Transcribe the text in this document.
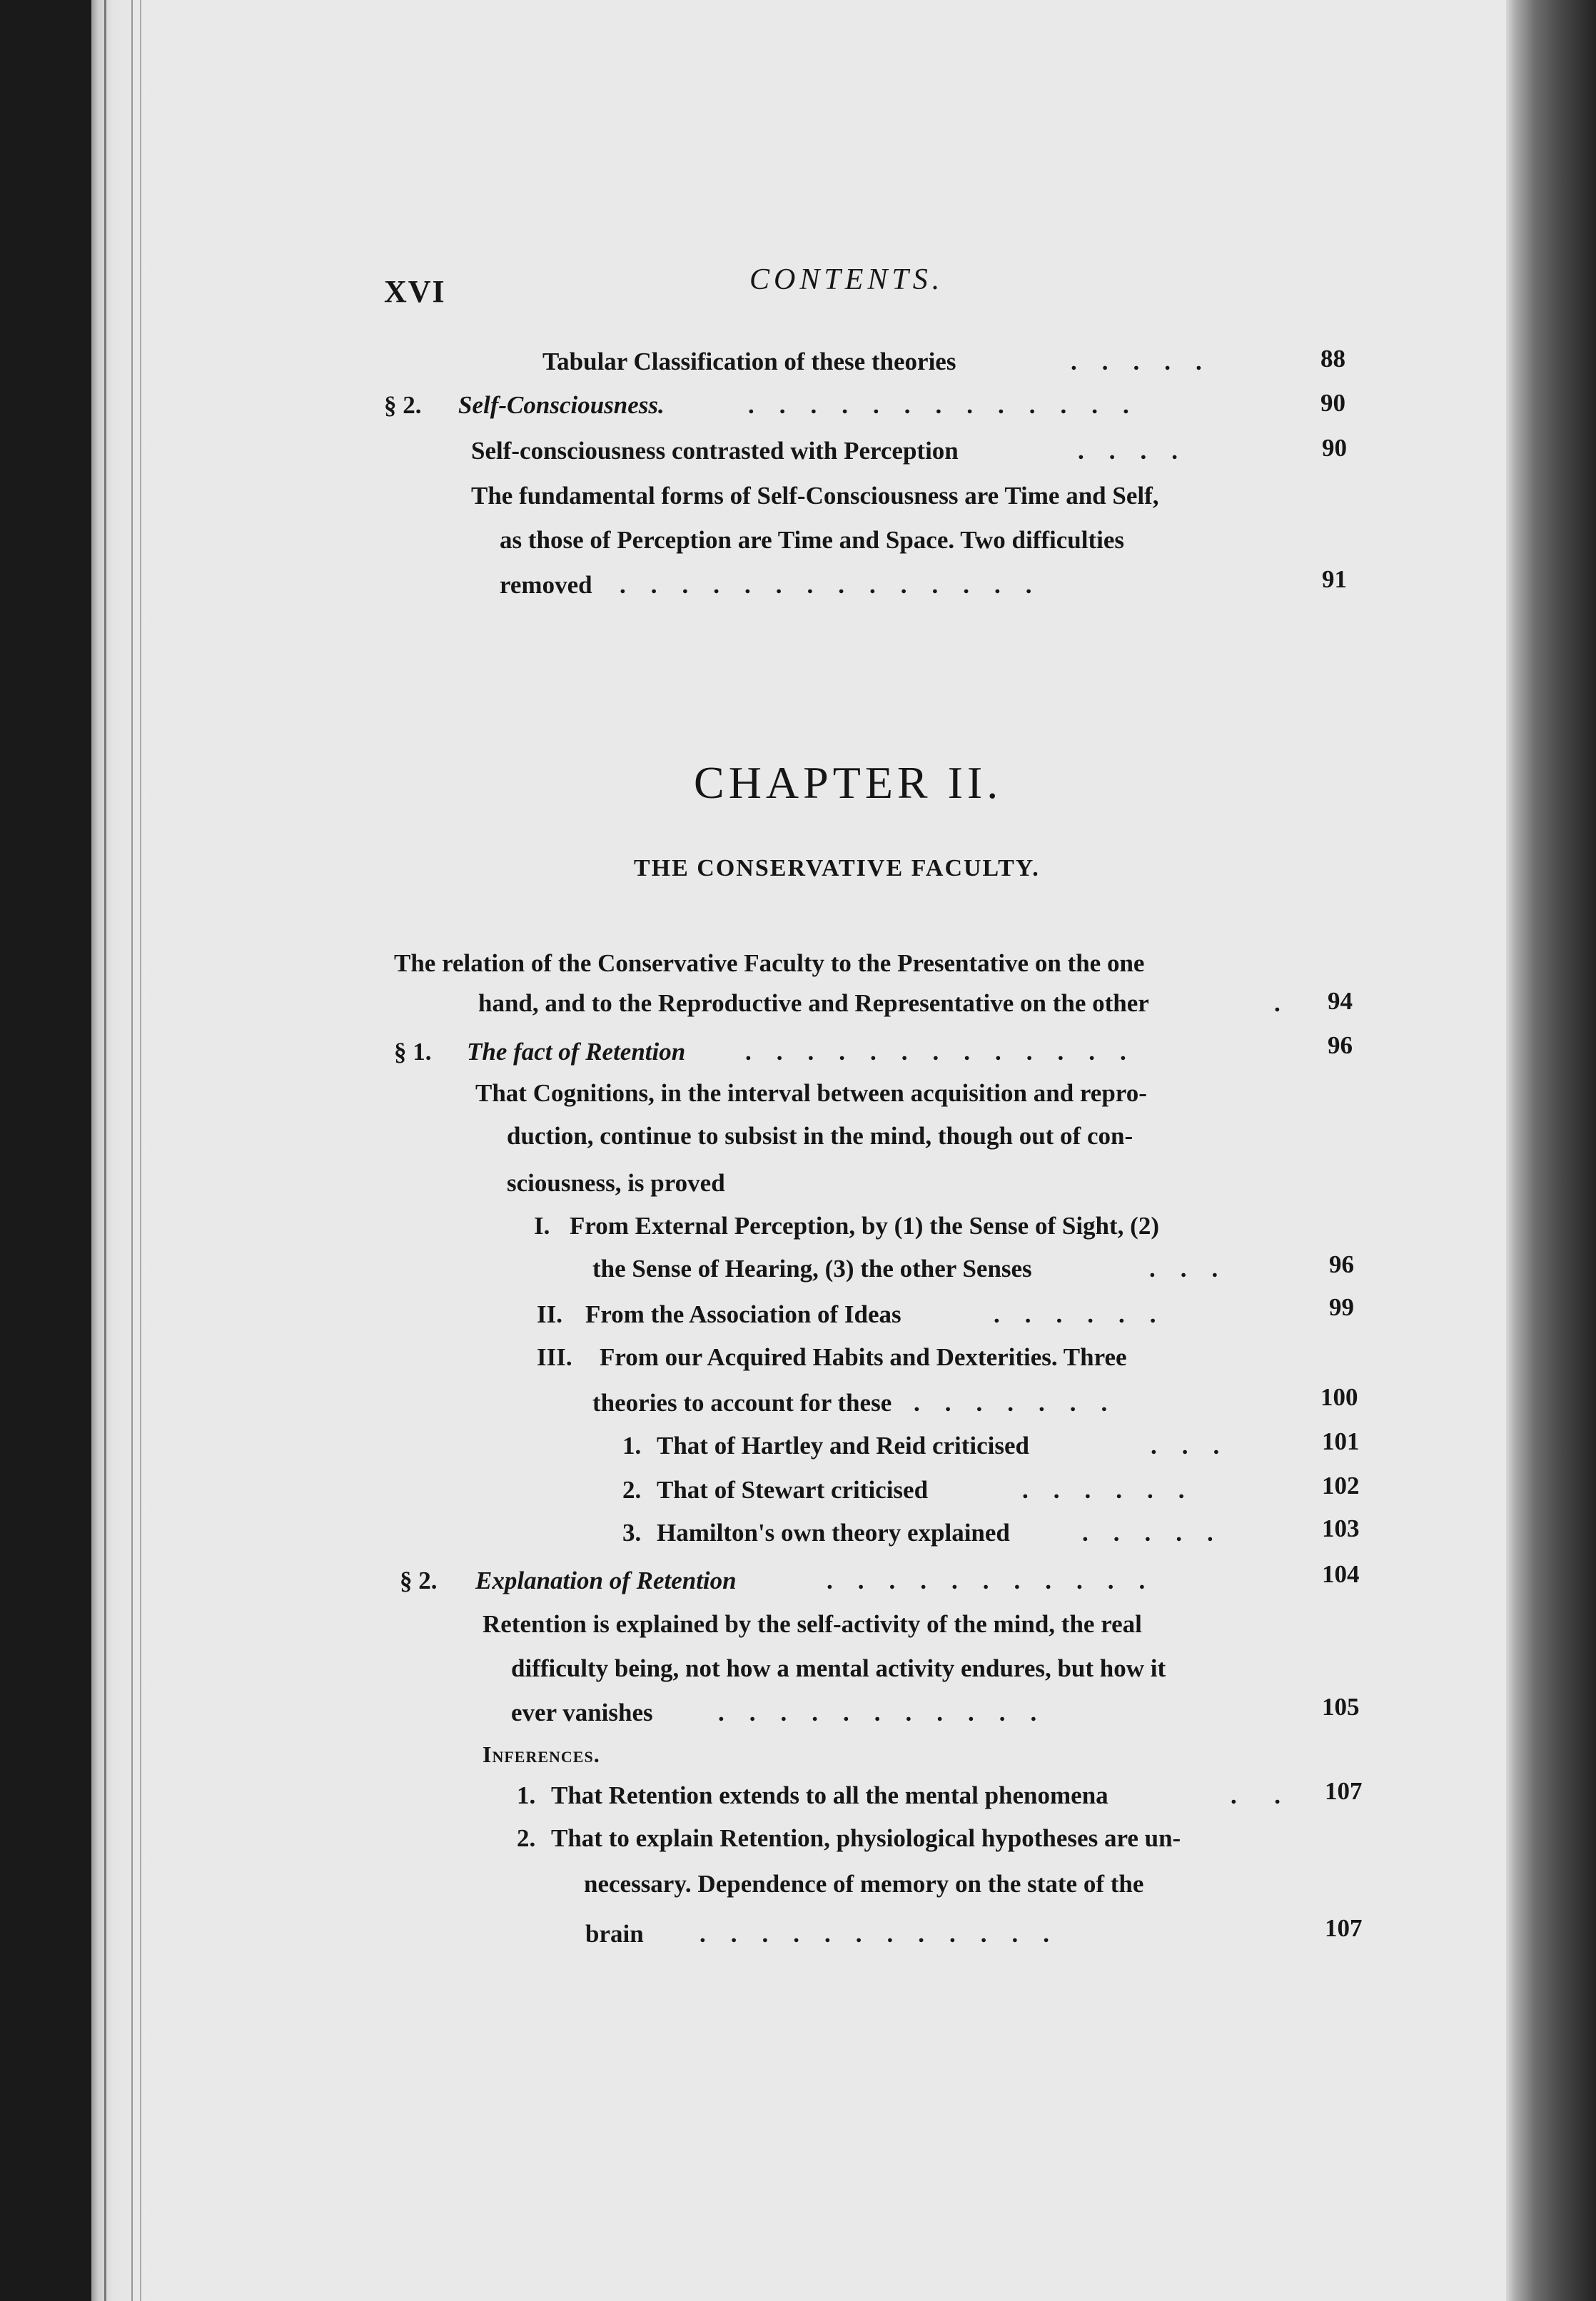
XVI	CONTENTS.
Tabular Classification of these theories	.    .    .    .    .	88
§ 2. Self-Consciousness.	.    .    .    .    .    .    .    .    .    .    .    .    .	90
Self-consciousness contrasted with Perception	.    .    .    .	90
The fundamental forms of Self-Consciousness are Time and Self,
as those of Perception are Time and Space. Two difficulties
removed .    .    .    .    .    .    .    .    .    .    .    .    .    .	91
CHAPTER II.
THE CONSERVATIVE FACULTY.
The relation of the Conservative Faculty to the Presentative on the one
hand, and to the Reproductive and Representative on the other	. 94
§ 1. The fact of Retention .    .    .    .    .    .    .    .    .    .    .    .    .	96
That Cognitions, in the interval between acquisition and repro-
duction, continue to subsist in the mind, though out of con-
sciousness, is proved
I. From External Perception, by (1) the Sense of Sight, (2)
the Sense of Hearing, (3) the other Senses	.    .    .	96
II. From the Association of Ideas	.    .    .    .    .    .	99
III. From our Acquired Habits and Dexterities. Three
theories to account for these .    .    .    .    .    .    .	100
1. That of Hartley and Reid criticised	.    .    .	101
2. That of Stewart criticised	.    .    .    .    .    .	102
3. Hamilton's own theory explained	.    .    .    .    .	103
§ 2. Explanation of Retention	.    .    .    .    .    .    .    .    .    .    .	104
Retention is explained by the self-activity of the mind, the real
difficulty being, not how a mental activity endures, but how it
ever vanishes	.    .    .    .    .    .    .    .    .    .    .	105
Inferences.
1. That Retention extends to all the mental phenomena	.      . 107
2. That to explain Retention, physiological hypotheses are un-
necessary. Dependence of memory on the state of the
brain .    .    .    .    .    .    .    .    .    .    .    .	107
